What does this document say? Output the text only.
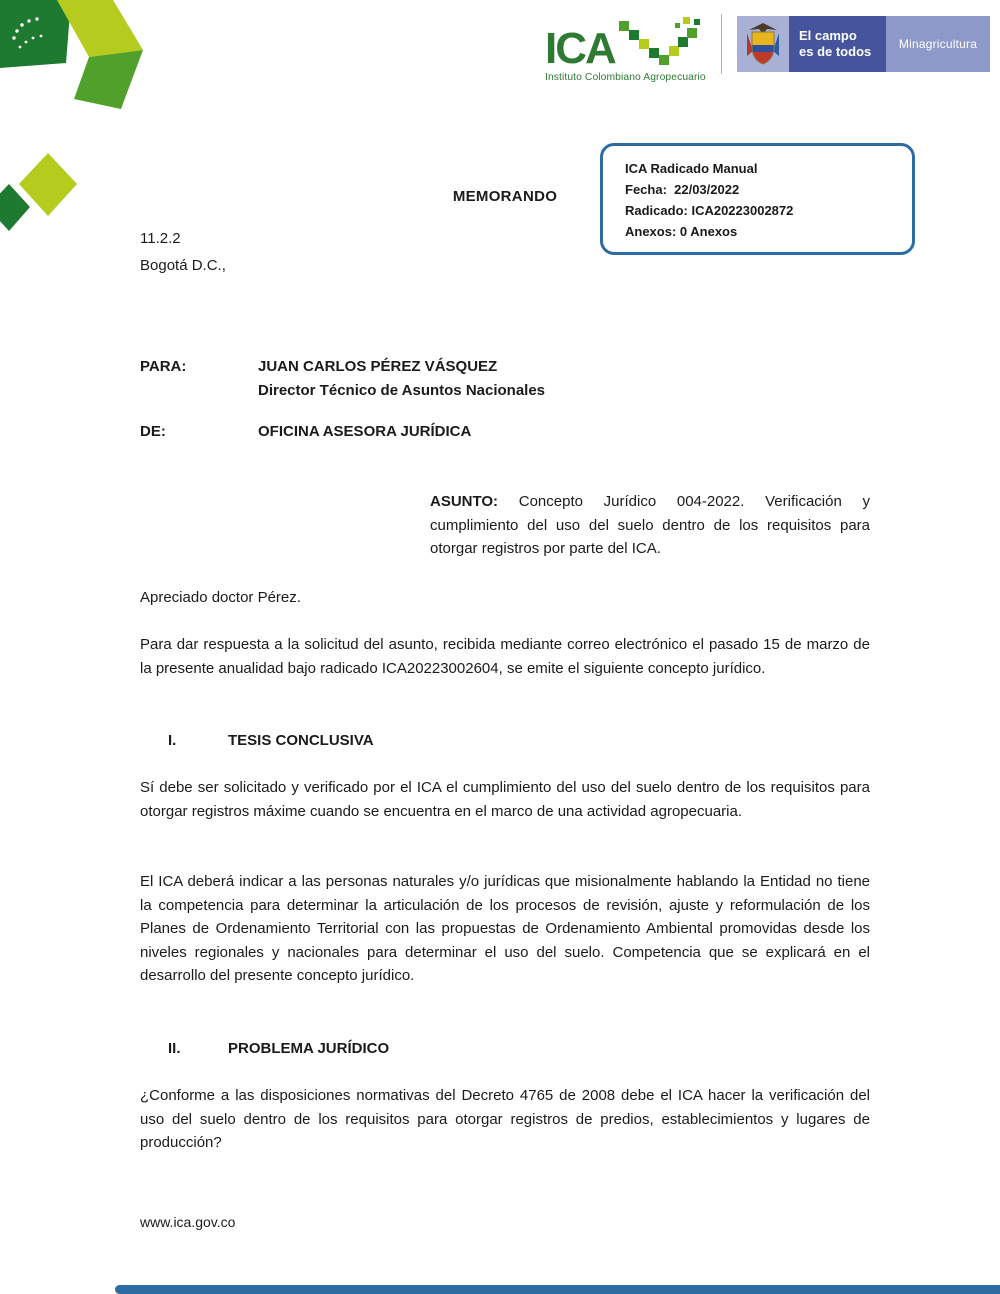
ICA
Instituto Colombiano Agropecuario
El campo
es de todos	Minagricultura
ICA Radicado Manual
Fecha:  22/03/2022
Radicado: ICA20223002872
Anexos: 0 Anexos
MEMORANDO
11.2.2
Bogotá D.C.,
PARA:	JUAN CARLOS PÉREZ VÁSQUEZ
Director Técnico de Asuntos Nacionales
DE:	OFICINA ASESORA JURÍDICA
ASUNTO: Concepto Jurídico 004-2022. Verificación y cumplimiento del uso del suelo dentro de los requisitos para otorgar registros por parte del ICA.
Apreciado doctor Pérez.
Para dar respuesta a la solicitud del asunto, recibida mediante correo electrónico el pasado 15 de marzo de la presente anualidad bajo radicado ICA20223002604, se emite el siguiente concepto jurídico.
I.	TESIS CONCLUSIVA
Sí debe ser solicitado y verificado por el ICA el cumplimiento del uso del suelo dentro de los requisitos para otorgar registros máxime cuando se encuentra en el marco de una actividad agropecuaria.
El ICA deberá indicar a las personas naturales y/o jurídicas que misionalmente hablando la Entidad no tiene la competencia para determinar la articulación de los procesos de revisión, ajuste y reformulación de los Planes de Ordenamiento Territorial con las propuestas de Ordenamiento Ambiental promovidas desde los niveles regionales y nacionales para determinar el uso del suelo. Competencia que se explicará en el desarrollo del presente concepto jurídico.
II.	PROBLEMA JURÍDICO
¿Conforme a las disposiciones normativas del Decreto 4765 de 2008 debe el ICA hacer la verificación del uso del suelo dentro de los requisitos para otorgar registros de predios, establecimientos y lugares de producción?
www.ica.gov.co
